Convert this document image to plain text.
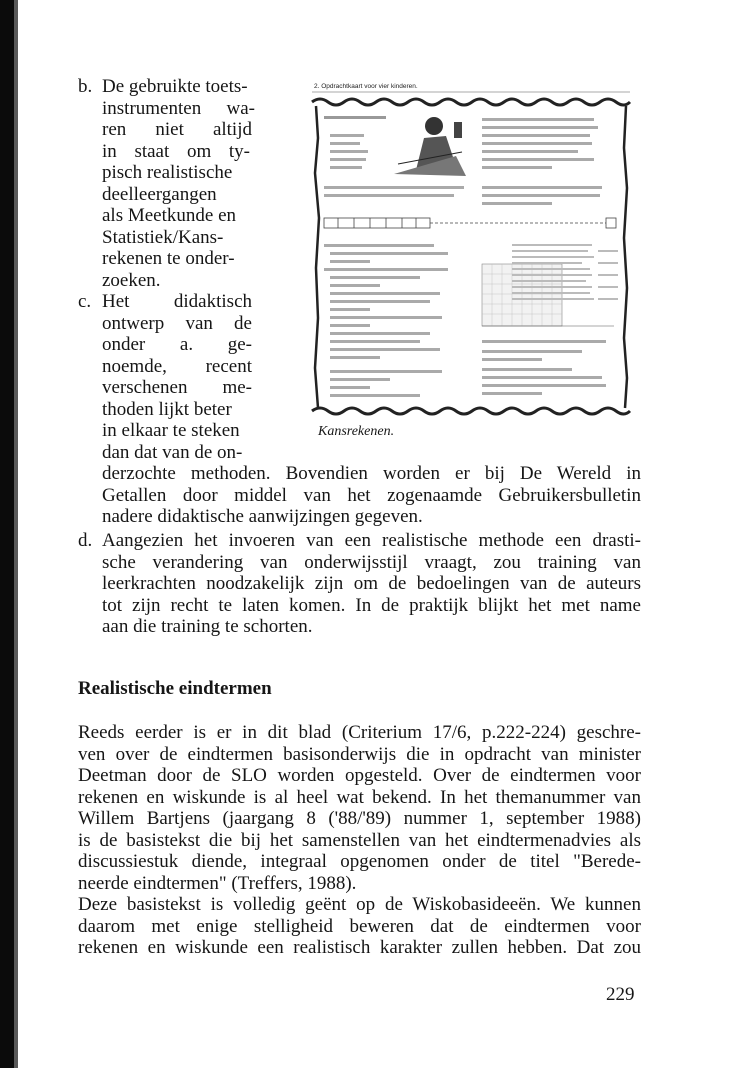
b. De gebruikte toets-

instrumenten wa-

ren niet altijd

in staat om ty-

pisch realistische

deelleergangen

als Meetkunde en

Statistiek/Kans-

rekenen te onder-

zoeken.

c. Het didaktisch

ontwerp van de

onder a. ge-

noemde, recent

verschenen me-

thoden lijkt beter

in elkaar te steken

dan dat van de on-

derzochte methoden. Bovendien worden er bij De Wereld in

Getallen door middel van het zogenaamde Gebruikersbulletin

nadere didaktische aanwijzingen gegeven.

d. Aangezien het invoeren van een realistische methode een drasti-

sche verandering van onderwijsstijl vraagt, zou training van

leerkrachten noodzakelijk zijn om de bedoelingen van de auteurs

tot zijn recht te laten komen. In de praktijk blijkt het met name

aan die training te schorten.

Realistische eindtermen

Reeds eerder is er in dit blad (Criterium 17/6, p.222-224) geschre-

ven over de eindtermen basisonderwijs die in opdracht van minister

Deetman door de SLO worden opgesteld. Over de eindtermen voor

rekenen en wiskunde is al heel wat bekend. In het themanummer van

Willem Bartjens (jaargang 8 ('88/'89) nummer 1, september 1988)

is de basistekst die bij het samenstellen van het eindtermenadvies als

discussiestuk diende, integraal opgenomen onder de titel "Berede-

neerde eindtermen" (Treffers, 1988).

Deze basistekst is volledig geënt op de Wiskobasideeën. We kunnen

daarom met enige stelligheid beweren dat de eindtermen voor

rekenen en wiskunde een realistisch karakter zullen hebben. Dat zou

229
2. Opdrachtkaart voor vier kinderen.
Kansrekenen.
